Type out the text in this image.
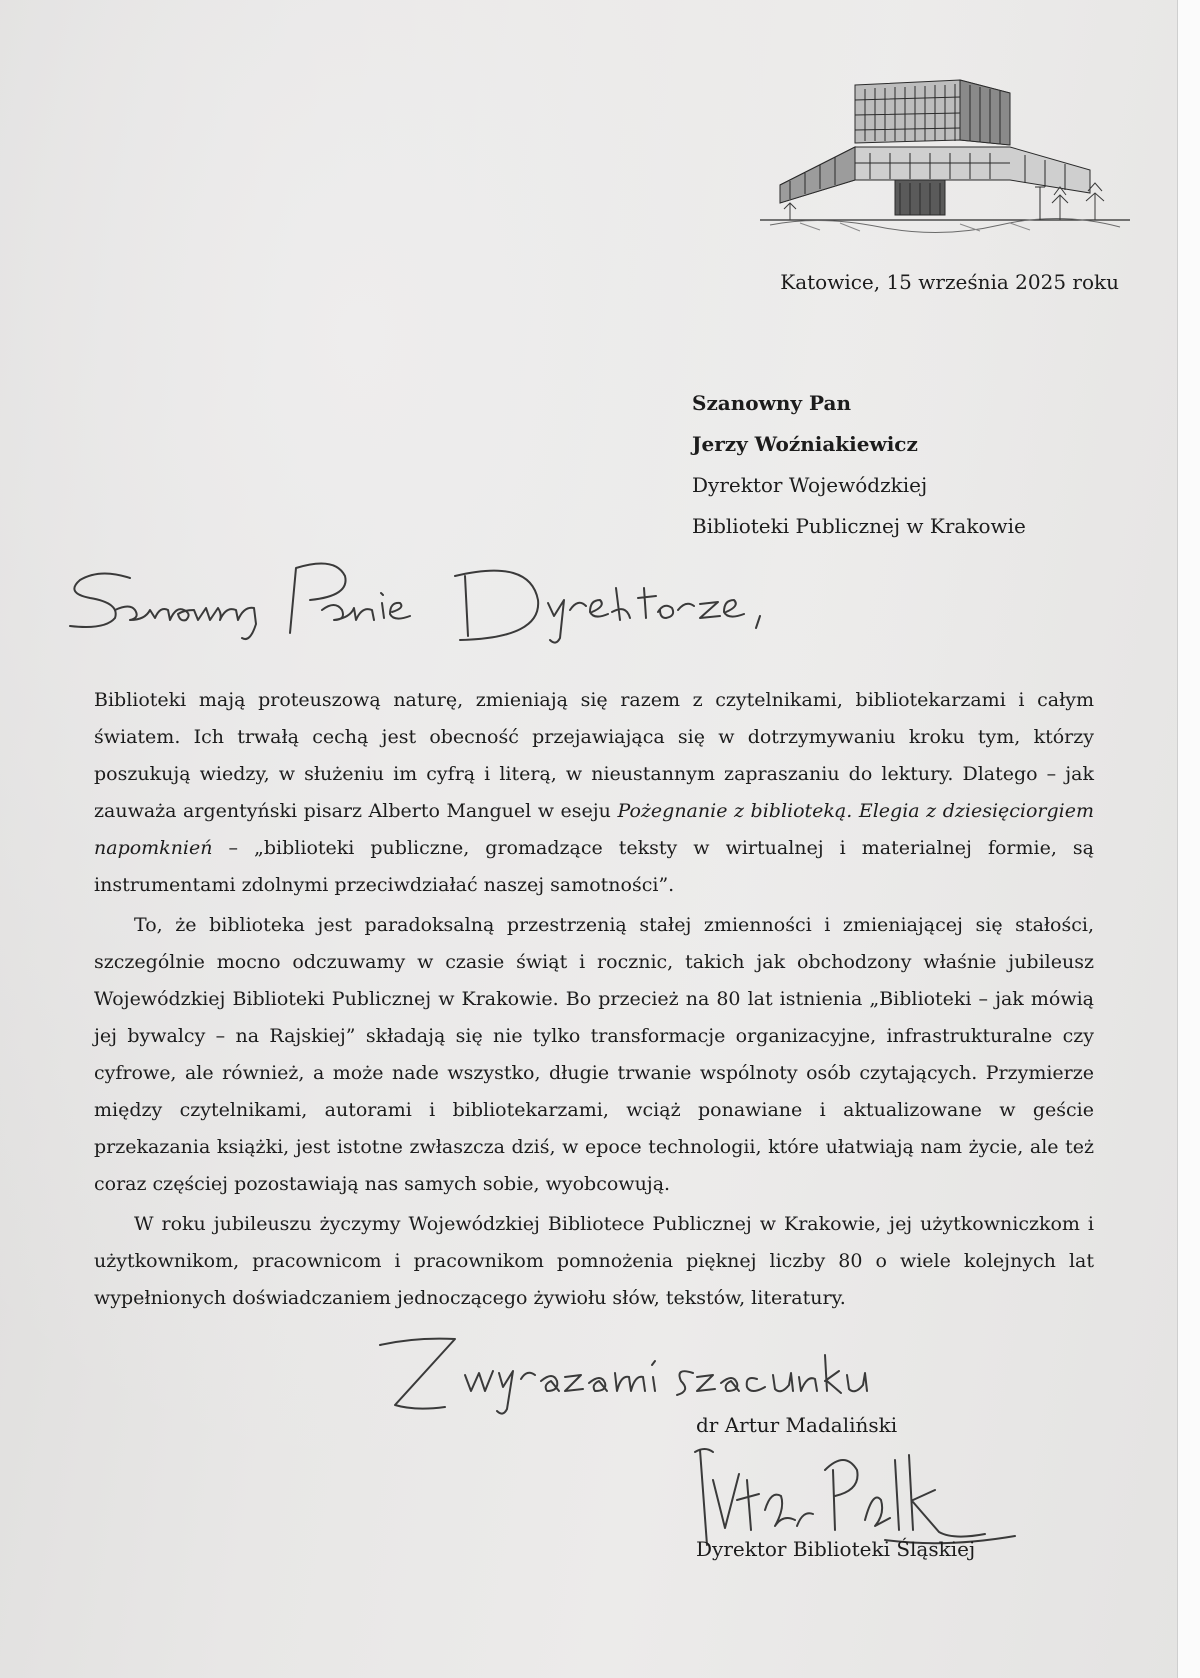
Katowice, 15 września 2025 roku
Szanowny Pan
Jerzy Woźniakiewicz
Dyrektor Wojewódzkiej
Biblioteki Publicznej w Krakowie

Biblioteki mają proteuszową naturę, zmieniają się razem z czytelnikami, bibliotekarzami i całym światem. Ich trwałą cechą jest obecność przejawiająca się w dotrzymywaniu kroku tym, którzy poszukują wiedzy, w służeniu im cyfrą i literą, w nieustannym zapraszaniu do lektury. Dlatego – jak zauważa argentyński pisarz Alberto Manguel w eseju Pożegnanie z biblioteką. Elegia z dziesięciorgiem napomknień – „biblioteki publiczne, gromadzące teksty w wirtualnej i materialnej formie, są instrumentami zdolnymi przeciwdziałać naszej samotności”.

To, że biblioteka jest paradoksalną przestrzenią stałej zmienności i zmieniającej się stałości, szczególnie mocno odczuwamy w czasie świąt i rocznic, takich jak obchodzony właśnie jubileusz Wojewódzkiej Biblioteki Publicznej w Krakowie. Bo przecież na 80 lat istnienia „Biblioteki – jak mówią jej bywalcy – na Rajskiej” składają się nie tylko transformacje organizacyjne, infrastrukturalne czy cyfrowe, ale również, a może nade wszystko, długie trwanie wspólnoty osób czytających. Przymierze między czytelnikami, autorami i bibliotekarzami, wciąż ponawiane i aktualizowane w geście przekazania książki, jest istotne zwłaszcza dziś, w epoce technologii, które ułatwiają nam życie, ale też coraz częściej pozostawiają nas samych sobie, wyobcowują.

W roku jubileuszu życzymy Wojewódzkiej Bibliotece Publicznej w Krakowie, jej użytkowniczkom i użytkownikom, pracownicom i pracownikom pomnożenia pięknej liczby 80 o wiele kolejnych lat wypełnionych doświadczaniem jednoczącego żywiołu słów, tekstów, literatury.

dr Artur Madaliński
Dyrektor Biblioteki Śląskiej
